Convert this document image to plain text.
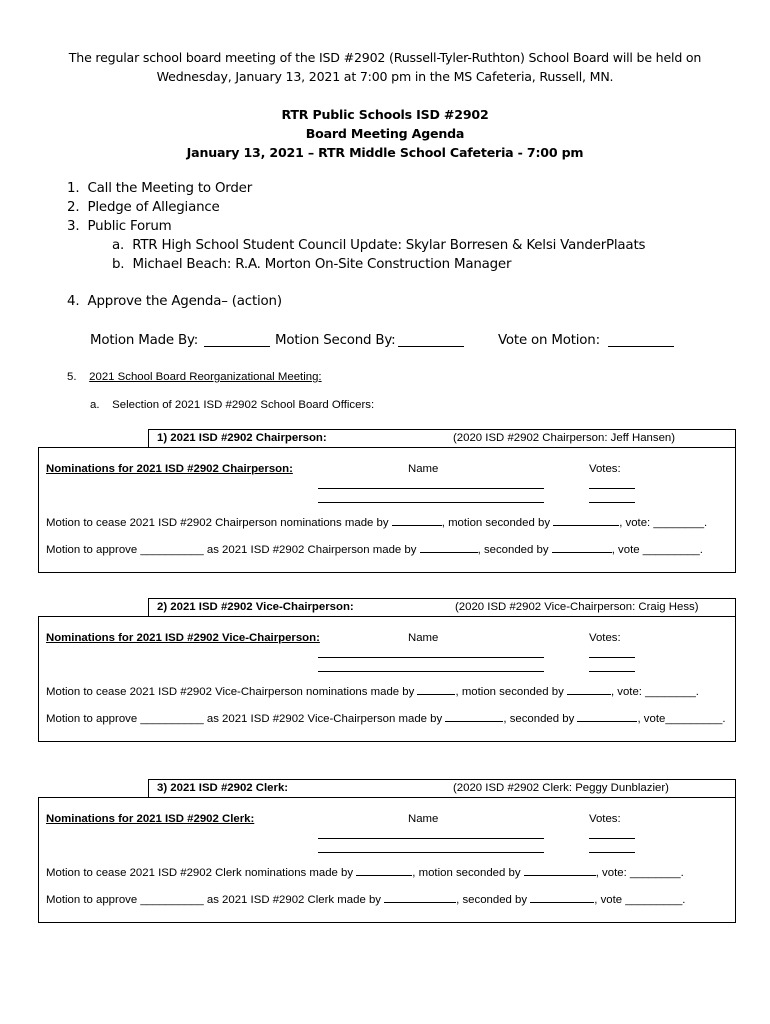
The regular school board meeting of the ISD #2902 (Russell-Tyler-Ruthton) School Board will be held on
Wednesday, January 13, 2021 at 7:00 pm in the MS Cafeteria, Russell, MN.
RTR Public Schools ISD #2902
Board Meeting Agenda
January 13, 2021 – RTR Middle School Cafeteria - 7:00 pm
1. Call the Meeting to Order
2. Pledge of Allegiance
3. Public Forum
a. RTR High School Student Council Update: Skylar Borresen & Kelsi VanderPlaats
b. Michael Beach: R.A. Morton On-Site Construction Manager
4. Approve the Agenda– (action)
Motion Made By:	Motion Second By:	Vote on Motion:
5. 2021 School Board Reorganizational Meeting:
a. Selection of 2021 ISD #2902 School Board Officers:
1) 2021 ISD #2902 Chairperson:	(2020 ISD #2902 Chairperson: Jeff Hansen)
Nominations for 2021 ISD #2902 Chairperson:	Name	Votes:
Motion to cease 2021 ISD #2902 Chairperson nominations made by	, motion seconded by	, vote: ________.
Motion to approve __________ as 2021 ISD #2902 Chairperson made by	, seconded by	, vote _________.
2) 2021 ISD #2902 Vice-Chairperson:	(2020 ISD #2902 Vice-Chairperson: Craig Hess)
Nominations for 2021 ISD #2902 Vice-Chairperson:	Name	Votes:
Motion to cease 2021 ISD #2902 Vice-Chairperson nominations made by	, motion seconded by	, vote: ________.
Motion to approve __________ as 2021 ISD #2902 Vice-Chairperson made by	, seconded by	, vote_________.
3) 2021 ISD #2902 Clerk:	(2020 ISD #2902 Clerk: Peggy Dunblazier)
Nominations for 2021 ISD #2902 Clerk:	Name	Votes:
Motion to cease 2021 ISD #2902 Clerk nominations made by	, motion seconded by	, vote: ________.
Motion to approve __________ as 2021 ISD #2902 Clerk made by	, seconded by	, vote _________.
